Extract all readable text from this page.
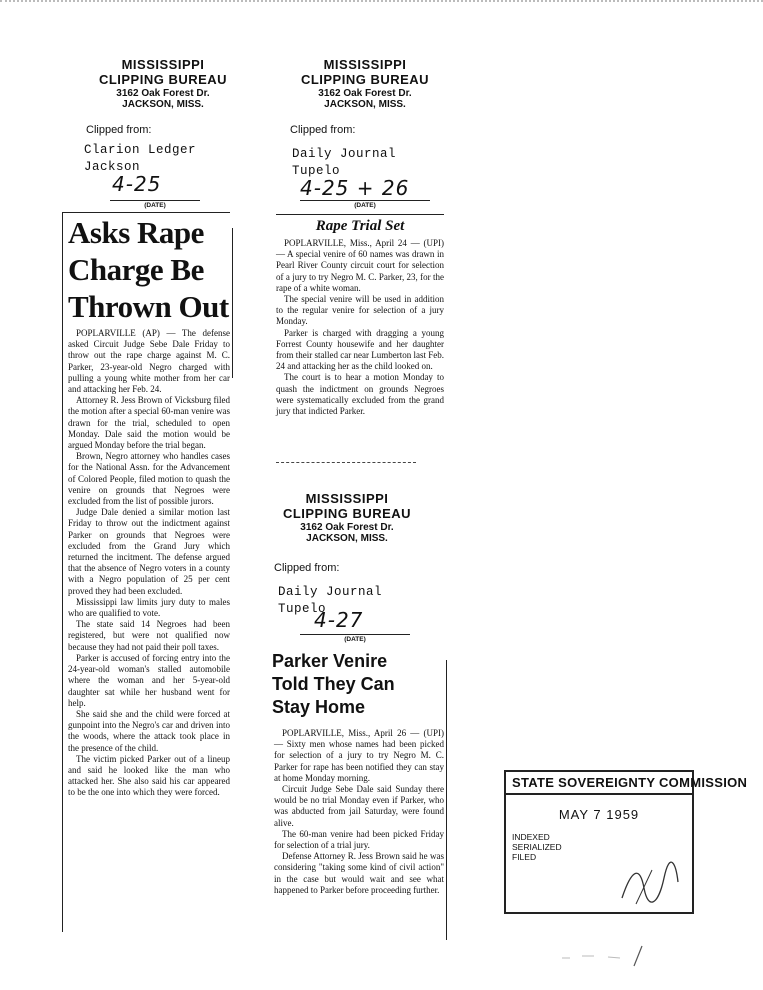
MISSISSIPPI
CLIPPING BUREAU
3162 Oak Forest Dr.
JACKSON, MISS.
Clipped from:
Clarion Ledger
Jackson
4-25
(DATE)
Asks Rape
Charge Be
Thrown Out

POPLARVILLE (AP) — The defense asked Circuit Judge Sebe Dale Friday to throw out the rape charge against M. C. Parker, 23-year-old Negro charged with pulling a young white mother from her car and attacking her Feb. 24.

Attorney R. Jess Brown of Vicksburg filed the motion after a special 60-man venire was drawn for the trial, scheduled to open Monday. Dale said the motion would be argued Monday before the trial began.

Brown, Negro attorney who handles cases for the National Assn. for the Advancement of Colored People, filed motion to quash the venire on grounds that Negroes were excluded from the list of possible jurors.

Judge Dale denied a similar motion last Friday to throw out the indictment against Parker on grounds that Negroes were excluded from the Grand Jury which returned the incitment. The defense argued that the absence of Negro voters in a county with a Negro population of 25 per cent proved they had been excluded.

Mississippi law limits jury duty to males who are qualified to vote.

The state said 14 Negroes had been registered, but were not qualified now because they had not paid their poll taxes.

Parker is accused of forcing entry into the 24-year-old woman's stalled automobile where the woman and her 5-year-old daughter sat while her husband went for help.

She said she and the child were forced at gunpoint into the Negro's car and driven into the woods, where the attack took place in the presence of the child.

The victim picked Parker out of a lineup and said he looked like the man who attacked her. She also said his car appeared to be the one into which they were forced.

MISSISSIPPI
CLIPPING BUREAU
3162 Oak Forest Dr.
JACKSON, MISS.
Clipped from:
Daily Journal
Tupelo
4-25 + 26
(DATE)
Rape Trial Set

POPLARVILLE, Miss., April 24 — (UPI) — A special venire of 60 names was drawn in Pearl River County circuit court for selection of a jury to try Negro M. C. Parker, 23, for the rape of a white woman.

The special venire will be used in addition to the regular venire for selection of a jury Monday.

Parker is charged with dragging a young Forrest County housewife and her daughter from their stalled car near Lumberton last Feb. 24 and attacking her as the child looked on.

The court is to hear a motion Monday to quash the indictment on grounds Negroes were systematically excluded from the grand jury that indicted Parker.

MISSISSIPPI
CLIPPING BUREAU
3162 Oak Forest Dr.
JACKSON, MISS.
Clipped from:
Daily Journal
Tupelo
4-27
(DATE)
Parker Venire
Told They Can
Stay Home

POPLARVILLE, Miss., April 26 — (UPI) — Sixty men whose names had been picked for selection of a jury to try Negro M. C. Parker for rape has been notified they can stay at home Monday morning.

Circuit Judge Sebe Dale said Sunday there would be no trial Monday even if Parker, who was abducted from jail Saturday, were found alive.

The 60-man venire had been picked Friday for selection of a trial jury.

Defense Attorney R. Jess Brown said he was considering "taking some kind of civil action" in the case but would wait and see what happened to Parker before proceeding further.

STATE SOVEREIGNTY COMMISSION
MAY 7 1959
INDEXED
SERIALIZED
FILED
